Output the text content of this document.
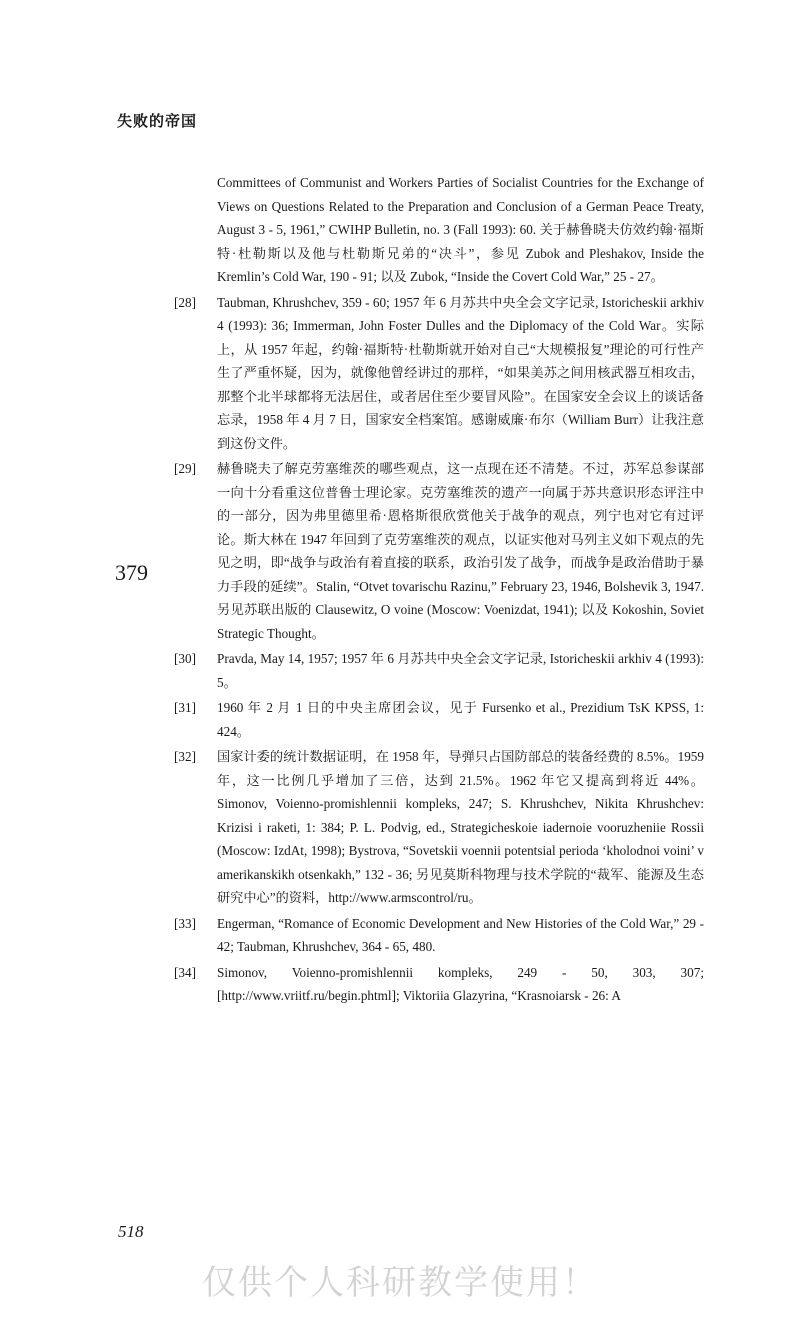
失败的帝国
379

Committees of Communist and Workers Parties of Socialist Countries for the Exchange of Views on Questions Related to the Preparation and Conclusion of a German Peace Treaty, August 3 - 5, 1961,” CWIHP Bulletin, no. 3 (Fall 1993): 60. 关于赫鲁晓夫仿效约翰·福斯特·杜勒斯以及他与杜勒斯兄弟的“决斗”，参见 Zubok and Pleshakov, Inside the Kremlin’s Cold War, 190 - 91; 以及 Zubok, “Inside the Covert Cold War,” 25 - 27。

[28]	Taubman, Khrushchev, 359 - 60; 1957 年 6 月苏共中央全会文字记录, Istoricheskii arkhiv 4 (1993): 36; Immerman, John Foster Dulles and the Diplomacy of the Cold War。实际上，从 1957 年起，约翰·福斯特·杜勒斯就开始对自己“大规模报复”理论的可行性产生了严重怀疑，因为，就像他曾经讲过的那样，“如果美苏之间用核武器互相攻击，那整个北半球都将无法居住，或者居住至少要冒风险”。在国家安全会议上的谈话备忘录，1958 年 4 月 7 日，国家安全档案馆。感谢威廉·布尔（William Burr）让我注意到这份文件。
[29]	赫鲁晓夫了解克劳塞维茨的哪些观点，这一点现在还不清楚。不过，苏军总参谋部一向十分看重这位普鲁士理论家。克劳塞维茨的遗产一向属于苏共意识形态评注中的一部分，因为弗里德里希·恩格斯很欣赏他关于战争的观点，列宁也对它有过评论。斯大林在 1947 年回到了克劳塞维茨的观点，以证实他对马列主义如下观点的先见之明，即“战争与政治有着直接的联系，政治引发了战争，而战争是政治借助于暴力手段的延续”。Stalin, “Otvet tovarischu Razinu,” February 23, 1946, Bolshevik 3, 1947. 另见苏联出版的 Clausewitz, O voine (Moscow: Voenizdat, 1941); 以及 Kokoshin, Soviet Strategic Thought。
[30]	Pravda, May 14, 1957; 1957 年 6 月苏共中央全会文字记录, Istoricheskii arkhiv 4 (1993): 5。
[31]	1960 年 2 月 1 日的中央主席团会议，见于 Fursenko et al., Prezidium TsK KPSS, 1: 424。
[32]	国家计委的统计数据证明，在 1958 年，导弹只占国防部总的装备经费的 8.5%。1959 年，这一比例几乎增加了三倍，达到 21.5%。1962 年它又提高到将近 44%。Simonov, Voienno-promishlennii kompleks, 247; S. Khrushchev, Nikita Khrushchev: Krizisi i raketi, 1: 384; P. L. Podvig, ed., Strategicheskoie iadernoie vooruzheniie Rossii (Moscow: IzdAt, 1998); Bystrova, “Sovetskii voennii potentsial perioda ‘kholodnoi voini’ v amerikanskikh otsenkakh,” 132 - 36; 另见莫斯科物理与技术学院的“裁军、能源及生态研究中心”的资料，http://www.armscontrol/ru。
[33]	Engerman, “Romance of Economic Development and New Histories of the Cold War,” 29 - 42; Taubman, Khrushchev, 364 - 65, 480.
[34]	Simonov, Voienno-promishlennii kompleks, 249 - 50, 303, 307; [http://www.vriitf.ru/begin.phtml]; Viktoriia Glazyrina, “Krasnoiarsk - 26: A
518
仅供个人科研教学使用！
